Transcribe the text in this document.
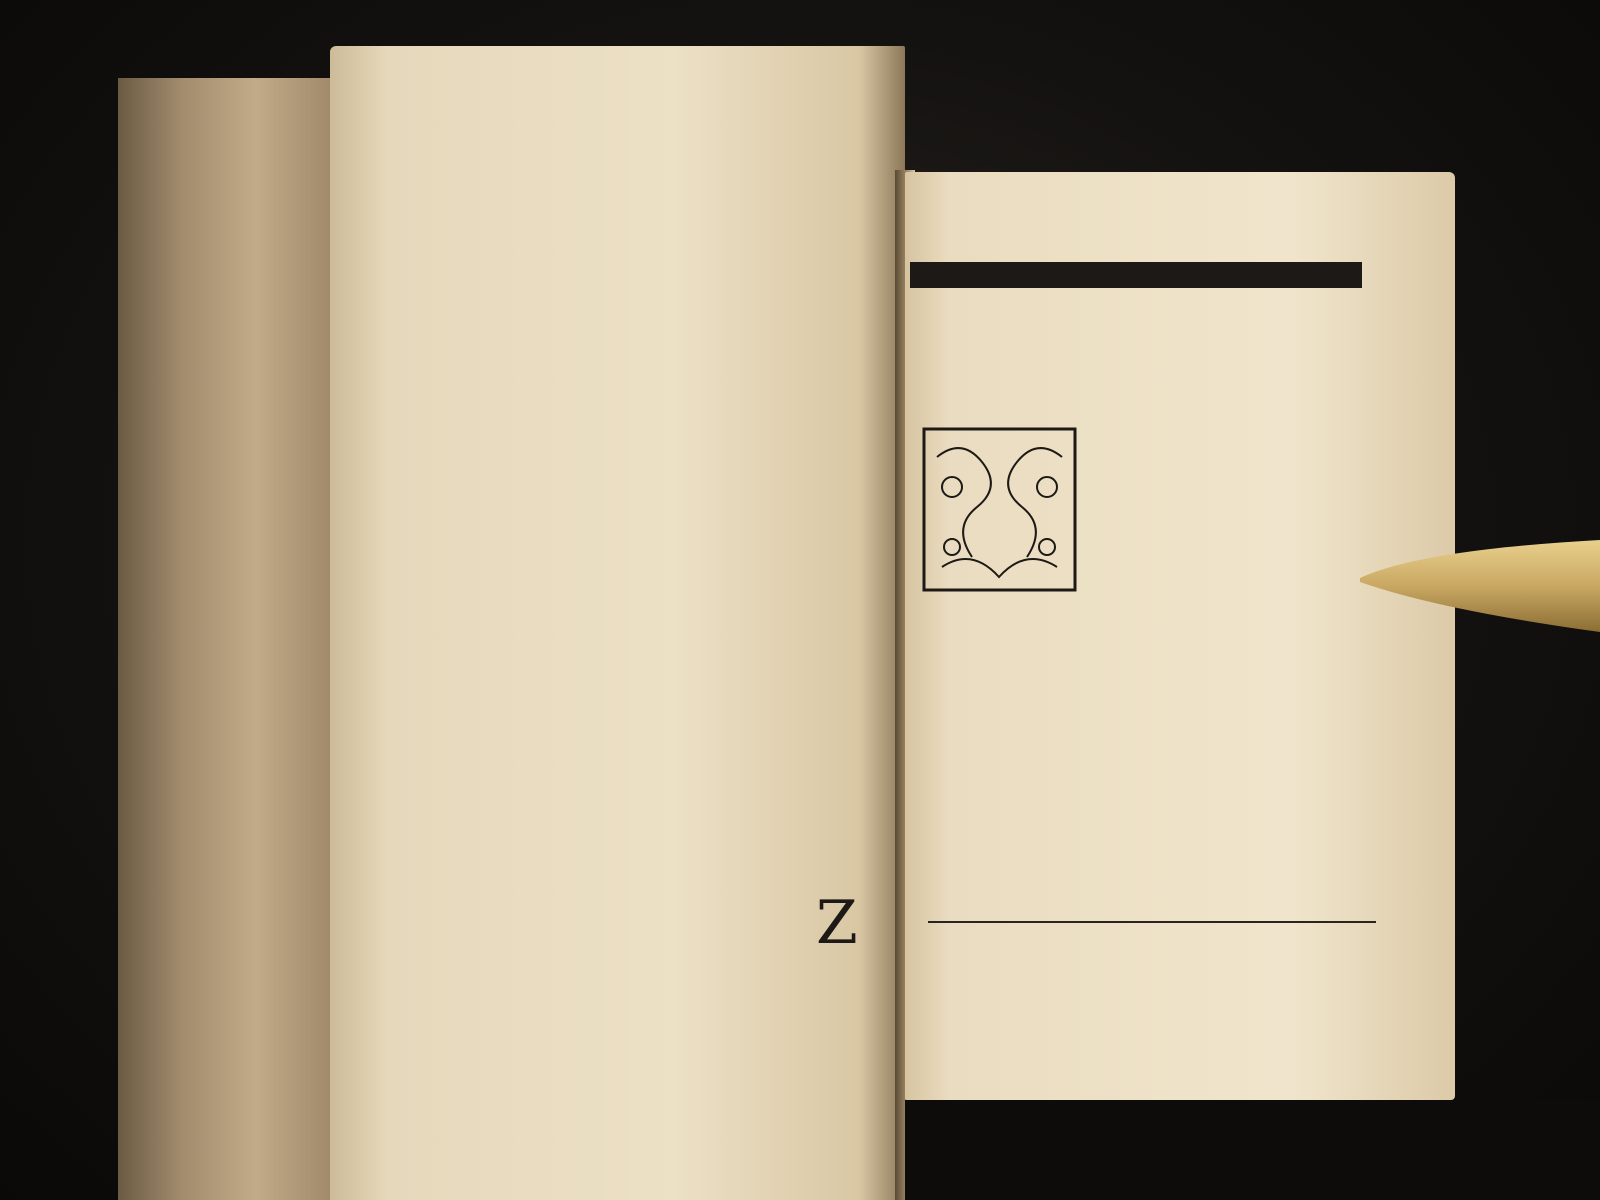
Z
